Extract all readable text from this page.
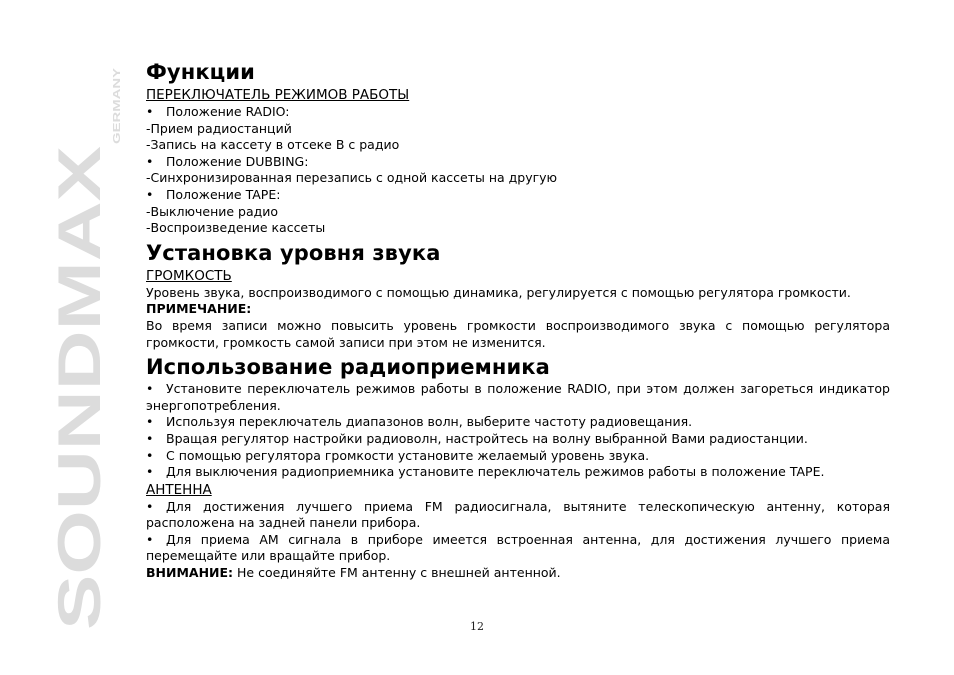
SOUNDMAX
GERMANY
Функции

ПЕРЕКЛЮЧАТЕЛЬ РЕЖИМОВ РАБОТЫ

•	Положение RADIO:

-Прием радиостанций

-Запись на кассету в отсеке В с радио

•	Положение DUBBING:

-Синхронизированная перезапись с одной кассеты на другую

•	Положение TAPE:

-Выключение радио

-Воспроизведение кассеты

Установка уровня звука

ГРОМКОСТЬ

Уровень звука, воспроизводимого с помощью динамика, регулируется с помощью регулятора громкости.

ПРИМЕЧАНИЕ:

Во время записи можно повысить уровень громкости воспроизводимого звука с помощью регулятора громкости, громкость самой записи при этом не изменится.

Использование радиоприемника

• Установите переключатель режимов работы в положение RADIO, при этом должен загореться индикатор энергопотребления.

• Используя переключатель диапазонов волн, выберите частоту радиовещания.

• Вращая регулятор настройки радиоволн, настройтесь на волну выбранной Вами радиостанции.

• С помощью регулятора громкости установите желаемый уровень звука.

• Для выключения радиоприемника установите переключатель режимов работы в положение TAPE.

АНТЕННА

• Для достижения лучшего приема FM радиосигнала, вытяните телескопическую антенну, которая расположена на задней панели прибора.

• Для приема AM сигнала в приборе имеется встроенная антенна, для достижения лучшего приема перемещайте или вращайте прибор.

ВНИМАНИЕ: Не соединяйте FM антенну с внешней антенной.

12
